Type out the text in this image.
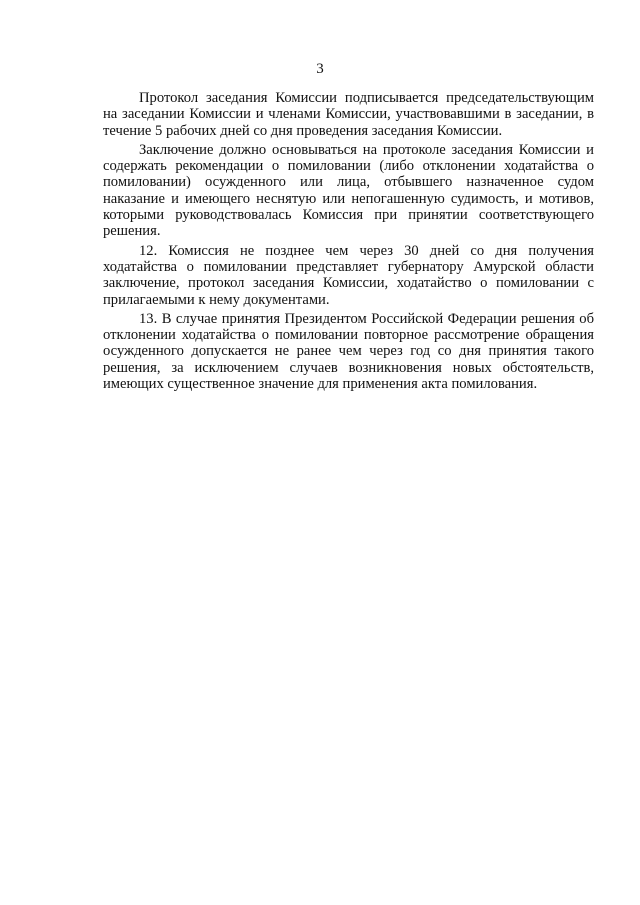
3

Протокол заседания Комиссии подписывается председательствующим на заседании Комиссии и членами Комиссии, участвовавшими в заседании, в течение 5 рабочих дней со дня проведения заседания Комиссии.

Заключение должно основываться на протоколе заседания Комиссии и содержать рекомендации о помиловании (либо отклонении ходатайства о помиловании) осужденного или лица, отбывшего назначенное судом наказание и имеющего неснятую или непогашенную судимость, и мотивов, которыми руководствовалась Комиссия при принятии соответствующего решения.

12. Комиссия не позднее чем через 30 дней со дня получения ходатайства о помиловании представляет губернатору Амурской области заключение, протокол заседания Комиссии, ходатайство о помиловании с прилагаемыми к нему документами.

13. В случае принятия Президентом Российской Федерации решения об отклонении ходатайства о помиловании повторное рассмотрение обращения осужденного допускается не ранее чем через год со дня принятия такого решения, за исключением случаев возникновения новых обстоятельств, имеющих существенное значение для применения акта помилования.
